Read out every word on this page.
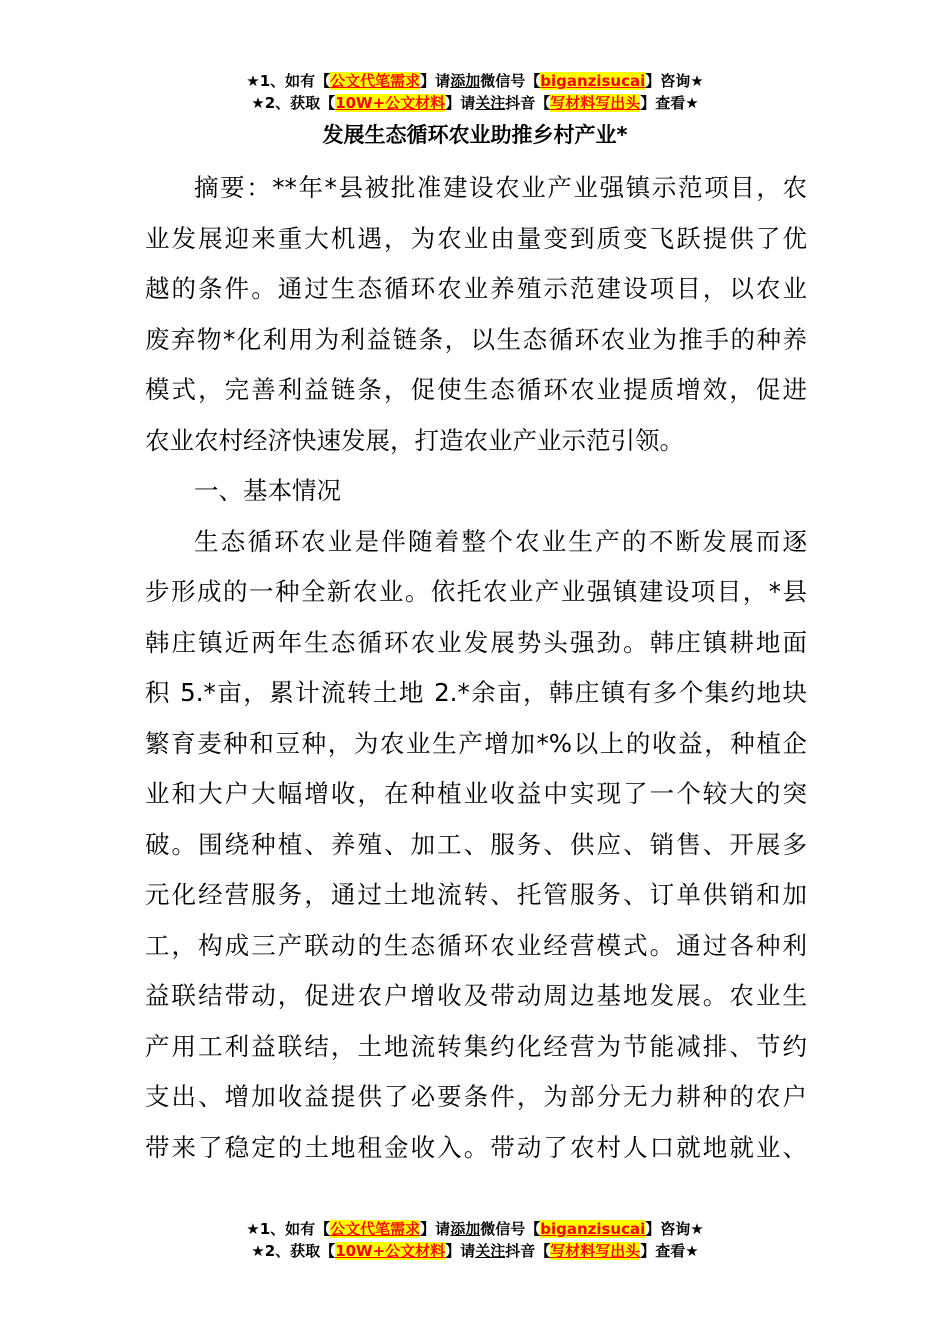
★1、如有【公文代笔需求】请添加微信号【biganzisucai】咨询★
★2、获取【10W+公文材料】请关注抖音【写材料写出头】查看★
发展生态循环农业助推乡村产业*
摘要：**年*县被批准建设农业产业强镇示范项目，农
业发展迎来重大机遇，为农业由量变到质变飞跃提供了优
越的条件。通过生态循环农业养殖示范建设项目，以农业
废弃物*化利用为利益链条，以生态循环农业为推手的种养
模式，完善利益链条，促使生态循环农业提质增效，促进
农业农村经济快速发展，打造农业产业示范引领。
一、基本情况
生态循环农业是伴随着整个农业生产的不断发展而逐
步形成的一种全新农业。依托农业产业强镇建设项目，*县
韩庄镇近两年生态循环农业发展势头强劲。韩庄镇耕地面
积 5.*亩，累计流转土地 2.*余亩，韩庄镇有多个集约地块
繁育麦种和豆种，为农业生产增加*%以上的收益，种植企
业和大户大幅增收，在种植业收益中实现了一个较大的突
破。围绕种植、养殖、加工、服务、供应、销售、开展多
元化经营服务，通过土地流转、托管服务、订单供销和加
工，构成三产联动的生态循环农业经营模式。通过各种利
益联结带动，促进农户增收及带动周边基地发展。农业生
产用工利益联结，土地流转集约化经营为节能减排、节约
支出、增加收益提供了必要条件，为部分无力耕种的农户
带来了稳定的土地租金收入。带动了农村人口就地就业、
★1、如有【公文代笔需求】请添加微信号【biganzisucai】咨询★
★2、获取【10W+公文材料】请关注抖音【写材料写出头】查看★
